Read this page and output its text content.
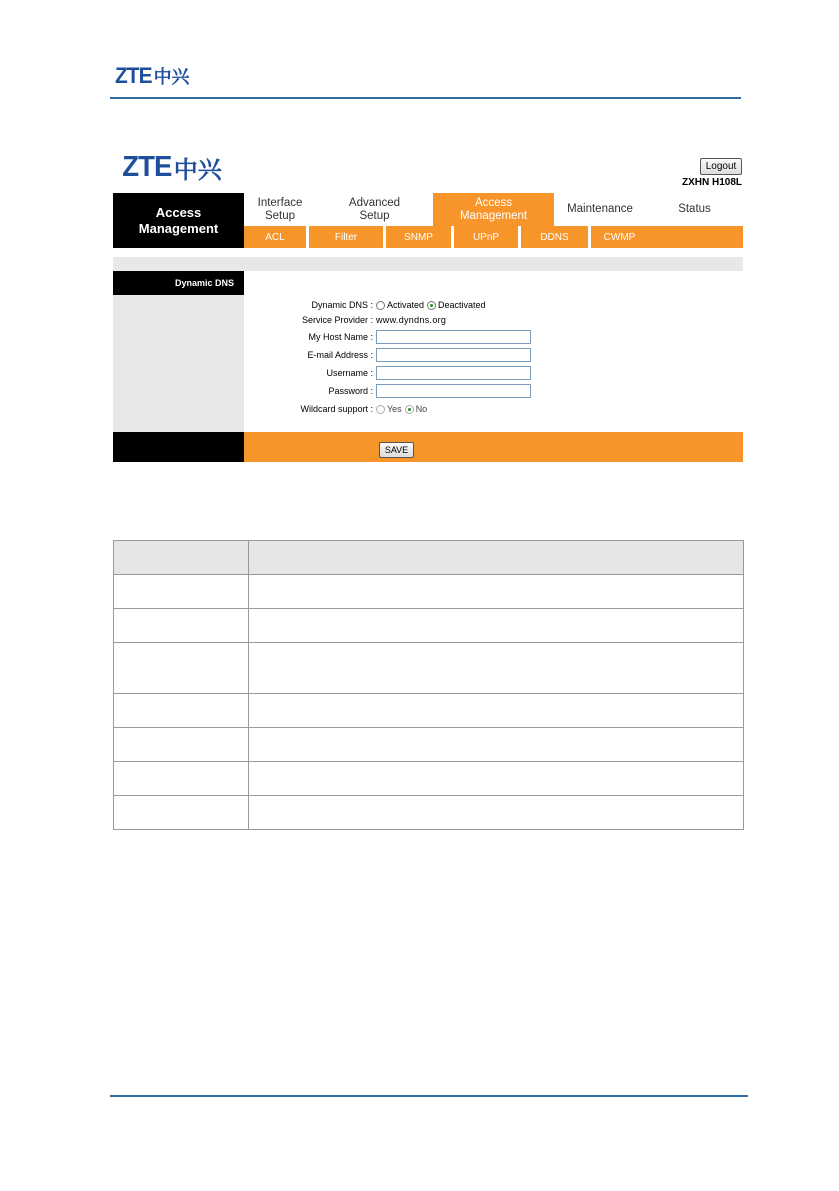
ZTE 中兴
ZTE 中兴	Logout
ZXHN H108L
Access
Management
Interface
Setup
Advanced
Setup
Access
Management
Maintenance	Status
ACL	Filter	SNMP	UPnP	DDNS	CWMP
Dynamic DNS
Dynamic DNS :	Activated Deactivated
Service Provider : www.dyndns.org
My Host Name :
E-mail Address :
Username :
Password :
Wildcard support :	Yes No
SAVE
